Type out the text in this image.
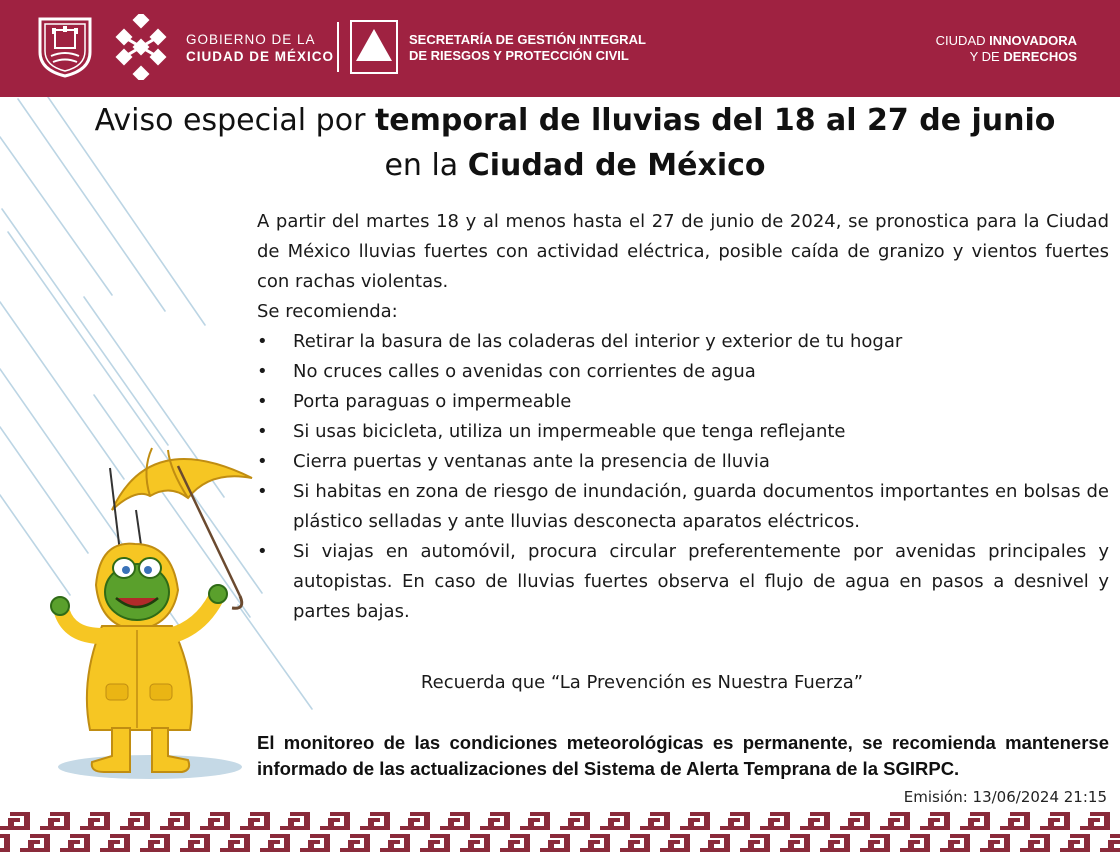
GOBIERNO DE LA
CIUDAD DE MÉXICO
SECRETARÍA DE GESTIÓN INTEGRAL
DE RIESGOS Y PROTECCIÓN CIVIL
CIUDAD INNOVADORA
Y DE DERECHOS
Aviso especial por temporal de lluvias del 18 al 27 de junio
en la Ciudad de México

A partir del martes 18 y al menos hasta el 27 de junio de 2024, se pronostica para la Ciudad de México lluvias fuertes con actividad eléctrica, posible caída de granizo y vientos fuertes con rachas violentas.

Se recomienda:

•	Retirar la basura de las coladeras del interior y exterior de tu hogar
•	No cruces calles o avenidas con corrientes de agua
•	Porta paraguas o impermeable
•	Si usas bicicleta, utiliza un impermeable que tenga reflejante
•	Cierra puertas y ventanas ante la presencia de lluvia
•	Si habitas en zona de riesgo de inundación, guarda documentos importantes en bolsas de plástico selladas y ante lluvias desconecta aparatos eléctricos.
•	Si viajas en automóvil, procura circular preferentemente por avenidas principales y autopistas. En caso de lluvias fuertes observa el flujo de agua en pasos a desnivel y partes bajas.
Recuerda que “La Prevención es Nuestra Fuerza”
El monitoreo de las condiciones meteorológicas es permanente, se recomienda mantenerse informado de las actualizaciones del Sistema de Alerta Temprana de la SGIRPC.
Emisión: 13/06/2024 21:15
